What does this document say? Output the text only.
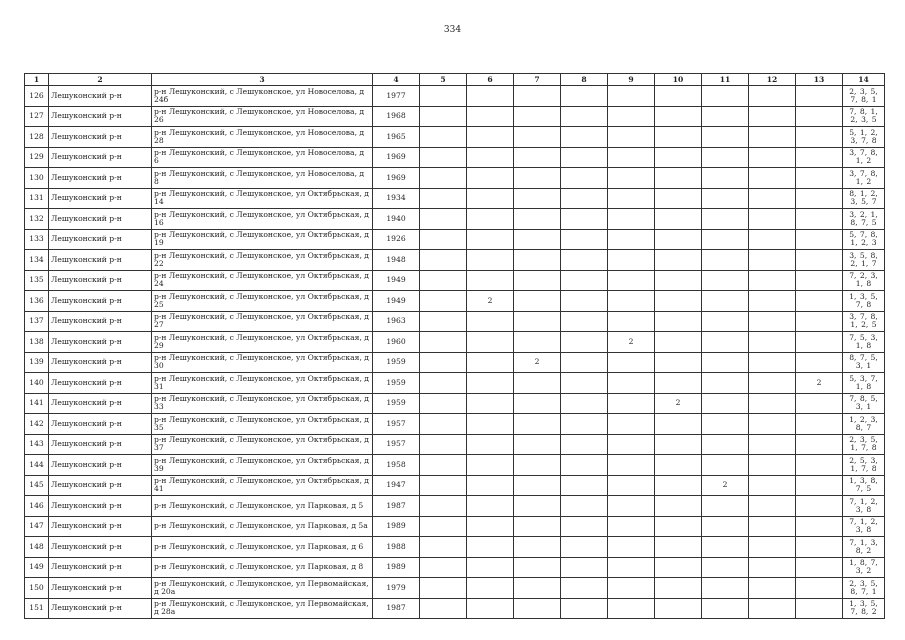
334
1	2	3	4	5	6	7	8	9	10	11	12	13	14
126	Лешуконский р-н	р-н Лешуконский, с Лешуконское, ул Новоселова, д 24б	1977										2, 3, 5, 7, 8, 1
127	Лешуконский р-н	р-н Лешуконский, с Лешуконское, ул Новоселова, д 26	1968										7, 8, 1, 2, 3, 5
128	Лешуконский р-н	р-н Лешуконский, с Лешуконское, ул Новоселова, д 28	1965										5, 1, 2, 3, 7, 8
129	Лешуконский р-н	р-н Лешуконский, с Лешуконское, ул Новоселова, д 6	1969										3, 7, 8, 1, 2
130	Лешуконский р-н	р-н Лешуконский, с Лешуконское, ул Новоселова, д 8	1969										3, 7, 8, 1, 2
131	Лешуконский р-н	р-н Лешуконский, с Лешуконское, ул Октябрьская, д 14	1934										8, 1, 2, 3, 5, 7
132	Лешуконский р-н	р-н Лешуконский, с Лешуконское, ул Октябрьская, д 16	1940										3, 2, 1, 8, 7, 5
133	Лешуконский р-н	р-н Лешуконский, с Лешуконское, ул Октябрьская, д 19	1926										5, 7, 8, 1, 2, 3
134	Лешуконский р-н	р-н Лешуконский, с Лешуконское, ул Октябрьская, д 22	1948										3, 5, 8, 2, 1, 7
135	Лешуконский р-н	р-н Лешуконский, с Лешуконское, ул Октябрьская, д 24	1949										7, 2, 3, 1, 8
136	Лешуконский р-н	р-н Лешуконский, с Лешуконское, ул Октябрьская, д 25	1949		2								1, 3, 5, 7, 8
137	Лешуконский р-н	р-н Лешуконский, с Лешуконское, ул Октябрьская, д 27	1963										3, 7, 8, 1, 2, 5
138	Лешуконский р-н	р-н Лешуконский, с Лешуконское, ул Октябрьская, д 29	1960					2					7, 5, 3, 1, 8
139	Лешуконский р-н	р-н Лешуконский, с Лешуконское, ул Октябрьская, д 30	1959			2							8, 7, 5, 3, 1
140	Лешуконский р-н	р-н Лешуконский, с Лешуконское, ул Октябрьская, д 31	1959									2	5, 3, 7, 1, 8
141	Лешуконский р-н	р-н Лешуконский, с Лешуконское, ул Октябрьская, д 33	1959						2				7, 8, 5, 3, 1
142	Лешуконский р-н	р-н Лешуконский, с Лешуконское, ул Октябрьская, д 35	1957										1, 2, 3, 8, 7
143	Лешуконский р-н	р-н Лешуконский, с Лешуконское, ул Октябрьская, д 37	1957										2, 3, 5, 1, 7, 8
144	Лешуконский р-н	р-н Лешуконский, с Лешуконское, ул Октябрьская, д 39	1958										2, 5, 3, 1, 7, 8
145	Лешуконский р-н	р-н Лешуконский, с Лешуконское, ул Октябрьская, д 41	1947							2			1, 3, 8, 7, 5
146	Лешуконский р-н	р-н Лешуконский, с Лешуконское, ул Парковая, д 5	1987										7, 1, 2, 3, 8
147	Лешуконский р-н	р-н Лешуконский, с Лешуконское, ул Парковая, д 5а	1989										7, 1, 2, 3, 8
148	Лешуконский р-н	р-н Лешуконский, с Лешуконское, ул Парковая, д 6	1988										7, 1, 3, 8, 2
149	Лешуконский р-н	р-н Лешуконский, с Лешуконское, ул Парковая, д 8	1989										1, 8, 7, 3, 2
150	Лешуконский р-н	р-н Лешуконский, с Лешуконское, ул Первомайская, д 20а	1979										2, 3, 5, 8, 7, 1
151	Лешуконский р-н	р-н Лешуконский, с Лешуконское, ул Первомайская, д 28а	1987										1, 3, 5, 7, 8, 2
